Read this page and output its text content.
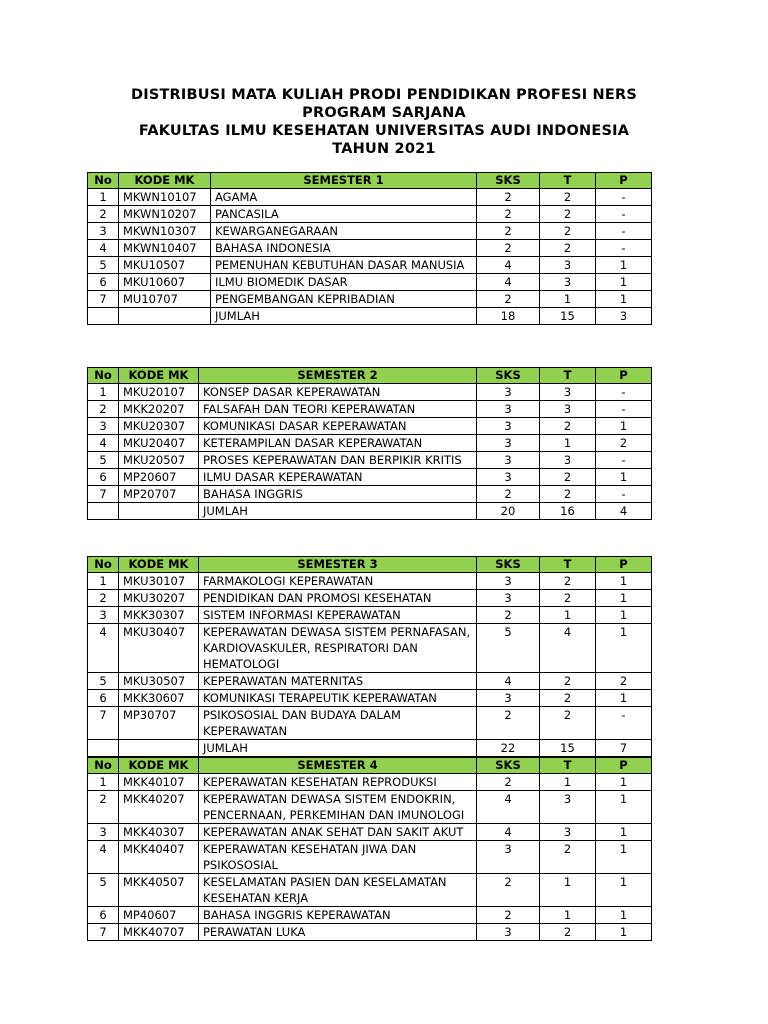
DISTRIBUSI MATA KULIAH PRODI PENDIDIKAN PROFESI NERS
PROGRAM SARJANA
FAKULTAS ILMU KESEHATAN UNIVERSITAS AUDI INDONESIA
TAHUN 2021
No	KODE MK	SEMESTER 1	SKS	T	P
1	MKWN10107	AGAMA	2	2	-
2	MKWN10207	PANCASILA	2	2	-
3	MKWN10307	KEWARGANEGARAAN	2	2	-
4	MKWN10407	BAHASA INDONESIA	2	2	-
5	MKU10507	PEMENUHAN KEBUTUHAN DASAR MANUSIA	4	3	1
6	MKU10607	ILMU BIOMEDIK DASAR	4	3	1
7	MU10707	PENGEMBANGAN KEPRIBADIAN	2	1	1
		JUMLAH	18	15	3
No	KODE MK	SEMESTER 2	SKS	T	P
1	MKU20107	KONSEP DASAR KEPERAWATAN	3	3	-
2	MKK20207	FALSAFAH DAN TEORI KEPERAWATAN	3	3	-
3	MKU20307	KOMUNIKASI DASAR KEPERAWATAN	3	2	1
4	MKU20407	KETERAMPILAN DASAR KEPERAWATAN	3	1	2
5	MKU20507	PROSES KEPERAWATAN DAN BERPIKIR KRITIS	3	3	-
6	MP20607	ILMU DASAR KEPERAWATAN	3	2	1
7	MP20707	BAHASA INGGRIS	2	2	-
		JUMLAH	20	16	4
No	KODE MK	SEMESTER 3	SKS	T	P
1	MKU30107	FARMAKOLOGI KEPERAWATAN	3	2	1
2	MKU30207	PENDIDIKAN DAN PROMOSI KESEHATAN	3	2	1
3	MKK30307	SISTEM INFORMASI KEPERAWATAN	2	1	1
4	MKU30407	KEPERAWATAN DEWASA SISTEM PERNAFASAN, KARDIOVASKULER, RESPIRATORI DAN HEMATOLOGI	5	4	1
5	MKU30507	KEPERAWATAN MATERNITAS	4	2	2
6	MKK30607	KOMUNIKASI TERAPEUTIK KEPERAWATAN	3	2	1
7	MP30707	PSIKOSOSIAL DAN BUDAYA DALAM KEPERAWATAN	2	2	-
		JUMLAH	22	15	7
No	KODE MK	SEMESTER 4	SKS	T	P
1	MKK40107	KEPERAWATAN KESEHATAN REPRODUKSI	2	1	1
2	MKK40207	KEPERAWATAN DEWASA SISTEM ENDOKRIN, PENCERNAAN, PERKEMIHAN DAN IMUNOLOGI	4	3	1
3	MKK40307	KEPERAWATAN ANAK SEHAT DAN SAKIT AKUT	4	3	1
4	MKK40407	KEPERAWATAN KESEHATAN JIWA DAN PSIKOSOSIAL	3	2	1
5	MKK40507	KESELAMATAN PASIEN DAN KESELAMATAN KESEHATAN KERJA	2	1	1
6	MP40607	BAHASA INGGRIS KEPERAWATAN	2	1	1
7	MKK40707	PERAWATAN LUKA	3	2	1
